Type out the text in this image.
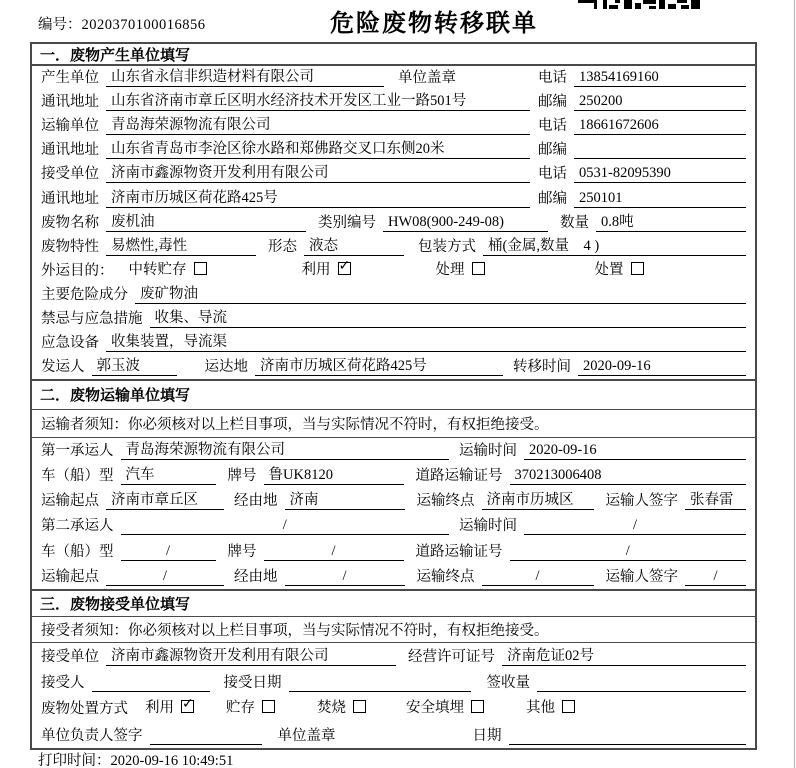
编号：2020370100016856	危险废物转移联单
一．废物产生单位填写
产生单位 山东省永信非织造材料有限公司	单位盖章	电话 13854169160
通讯地址 山东省济南市章丘区明水经济技术开发区工业一路501号	邮编 250200
运输单位 青岛海荣源物流有限公司	电话 18661672606
通讯地址 山东省青岛市李沧区徐水路和郑佛路交叉口东侧20米	邮编
接受单位 济南市鑫源物资开发利用有限公司	电话 0531-82095390
通讯地址 济南市历城区荷花路425号	邮编 250101
废物名称 废机油	类别编号 HW08(900-249-08)	数量 0.8吨
废物特性 易燃性,毒性	形态 液态	包装方式 桶(金属,数量　4 )
外运目的：	中转贮存	利用 ✓	处理	处置
主要危险成分 废矿物油
禁忌与应急措施 收集、导流
应急设备 收集装置，导流渠
发运人 郭玉波	运达地 济南市历城区荷花路425号	转移时间 2020-09-16
二．废物运输单位填写
运输者须知：你必须核对以上栏目事项，当与实际情况不符时，有权拒绝接受。
第一承运人 青岛海荣源物流有限公司	运输时间 2020-09-16
车（船）型 汽车	牌号 鲁UK8120	道路运输证号 370213006408
运输起点 济南市章丘区	经由地 济南	运输终点 济南市历城区	运输人签字 张春雷
第二承运人	/	运输时间	/
车（船）型	/	牌号	/	道路运输证号	/
运输起点	/	经由地	/	运输终点	/	运输人签字	/
三．废物接受单位填写
接受者须知：你必须核对以上栏目事项，当与实际情况不符时，有权拒绝接受。
接受单位 济南市鑫源物资开发利用有限公司	经营许可证号 济南危证02号
接受人	接受日期	签收量
废物处置方式	利用 ✓	贮存	焚烧	安全填埋	其他
单位负责人签字	单位盖章	日期
打印时间：2020-09-16 10:49:51
